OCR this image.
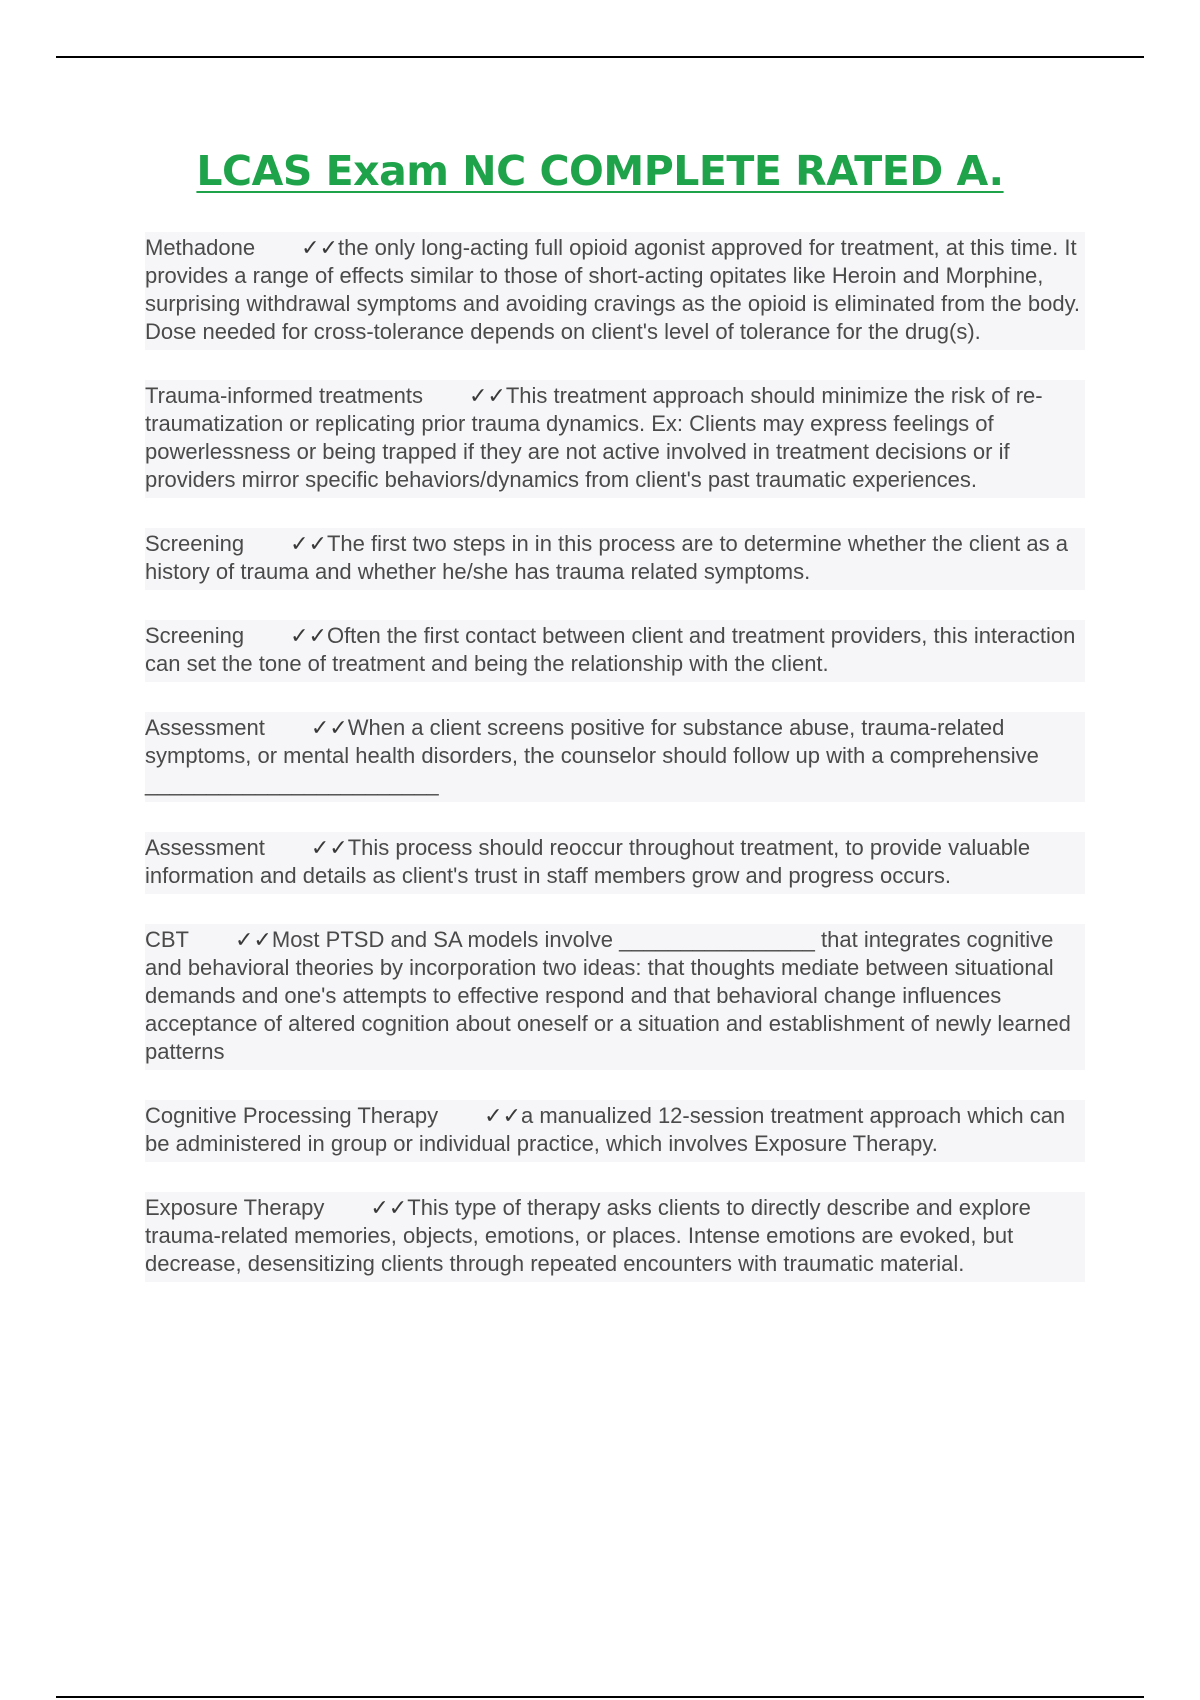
LCAS Exam NC COMPLETE RATED A.
Methadone ✓✓the only long-acting full opioid agonist approved for treatment, at this time. It provides a range of effects similar to those of short-acting opitates like Heroin and Morphine, surprising withdrawal symptoms and avoiding cravings as the opioid is eliminated from the body. Dose needed for cross-tolerance depends on client's level of tolerance for the drug(s).
Trauma-informed treatments ✓✓This treatment approach should minimize the risk of re-traumatization or replicating prior trauma dynamics. Ex: Clients may express feelings of powerlessness or being trapped if they are not active involved in treatment decisions or if providers mirror specific behaviors/dynamics from client's past traumatic experiences.
Screening ✓✓The first two steps in in this process are to determine whether the client as a history of trauma and whether he/she has trauma related symptoms.
Screening ✓✓Often the first contact between client and treatment providers, this interaction can set the tone of treatment and being the relationship with the client.
Assessment ✓✓When a client screens positive for substance abuse, trauma-related symptoms, or mental health disorders, the counselor should follow up with a comprehensive ________________________
Assessment ✓✓This process should reoccur throughout treatment, to provide valuable information and details as client's trust in staff members grow and progress occurs.
CBT ✓✓Most PTSD and SA models involve ________________ that integrates cognitive and behavioral theories by incorporation two ideas: that thoughts mediate between situational demands and one's attempts to effective respond and that behavioral change influences acceptance of altered cognition about oneself or a situation and establishment of newly learned patterns
Cognitive Processing Therapy ✓✓a manualized 12-session treatment approach which can be administered in group or individual practice, which involves Exposure Therapy.
Exposure Therapy ✓✓This type of therapy asks clients to directly describe and explore trauma-related memories, objects, emotions, or places. Intense emotions are evoked, but decrease, desensitizing clients through repeated encounters with traumatic material.
